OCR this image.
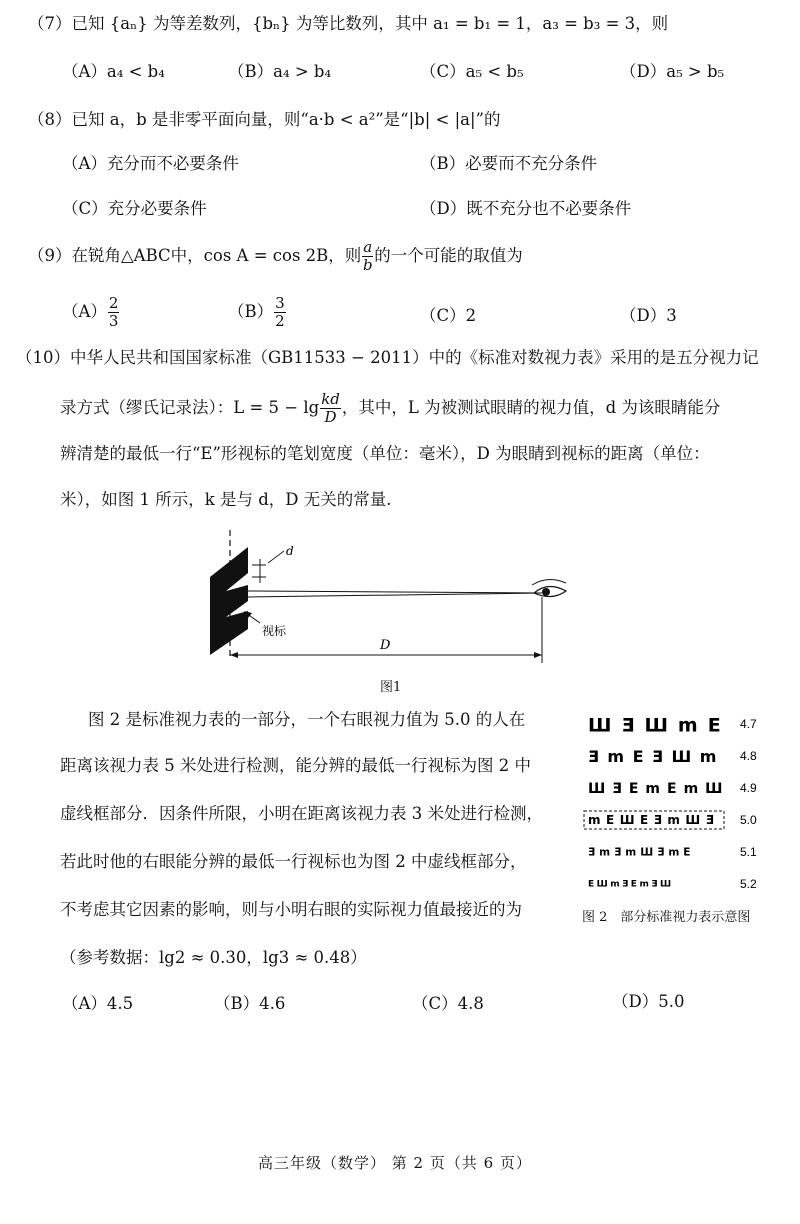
（7）已知 {aₙ} 为等差数列，{bₙ} 为等比数列，其中 a₁ = b₁ = 1，a₃ = b₃ = 3，则
（A）a₄ < b₄	（B）a₄ > b₄	（C）a₅ < b₅	（D）a₅ > b₅
（8）已知 a，b 是非零平面向量，则“a·b < a²”是“|b| < |a|”的
（A）充分而不必要条件	（B）必要而不充分条件
（C）充分必要条件	（D）既不充分也不必要条件
（9）在锐角△ABC中，cos A = cos 2B，则 $\frac{a}{b}$ 的一个可能的取值为
$(A) \frac{2}{3}$	$(B) \frac{3}{2}$	（C）2	（D）3
（10）中华人民共和国国家标准（GB11533 − 2011）中的《标准对数视力表》采用的是五分视力记
录方式（缪氏记录法）：$L = 5 - \lg \frac{kd}{D}$ ，其中，L 为被测试眼睛的视力值，d 为该眼睛能分
辨清楚的最低一行“E”形视标的笔划宽度（单位：毫米），D 为眼睛到视标的距离（单位：
米），如图 1 所示，k 是与 d，D 无关的常量.
d
视标
D
图1
图 2 是标准视力表的一部分，一个右眼视力值为 5.0 的人在
距离该视力表 5 米处进行检测，能分辨的最低一行视标为图 2 中
虚线框部分．因条件所限，小明在距离该视力表 3 米处进行检测，
若此时他的右眼能分辨的最低一行视标也为图 2 中虚线框部分，
不考虑其它因素的影响，则与小明右眼的实际视力值最接近的为
（参考数据：lg2 ≈ 0.30，lg3 ≈ 0.48）
ШƎШmE 4.7
ƎmEƎШm 4.8
ШƎEmEmШ 4.9
mEШEƎmШƎ 5.0
ƎmƎmШƎmE	5.1
EШmƎEmƎШ	5.2
图 2　部分标准视力表示意图
（A）4.5	（B）4.6	（C）4.8	（D）5.0
高三年级（数学） 第 2 页（共 6 页）
